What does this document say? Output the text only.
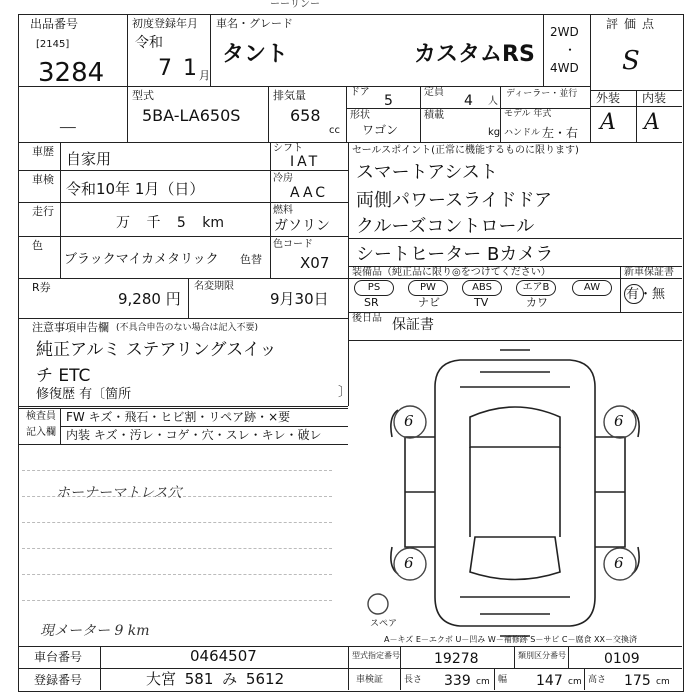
ーーリンー
出品番号
[2145]
3284
初度登録年月
令和
7 1 月
車名・グレード
タント	カスタムRS
2WD
・
4WD
評価点
S
外装 内装
A A
型式
5BA-LA650S
排気量
658
cc
ドア
5
定員
4 人
ディーラー・並行
形状
ワゴン
積載
kg
モデル 年式
ハンドル 左・右
──
車歴 自家用
車検
令和10年 1月（日）
走行
万 千 5 km
色
ブラックマイカメタリック 色替
R券
9,280 円
名変期限
9月30日
注意事項申告欄 (不具合申告のない場合は記入不要)
純正アルミ ステアリングスイッ
チ ETC
修復歴 有〔箇所	〕
シフト
IAT
冷房
AAC
燃料
ガソリン
色コード
X07
セールスポイント(正常に機能するものに限ります)
スマートアシスト
両側パワースライドドア
クルーズコントロール
シートヒーター Bカメラ
装備品（純正品に限り◎をつけてください）	新車保証書
有・無
PS	PW	ABS	エアB	AW
SR	ナビ	TV	カワ
後日品 保証書
検査員
記入欄
FW キズ・飛石・ヒビ割・リペア跡・×要
内装 キズ・汚レ・コゲ・穴・スレ・キレ・破レ
ホーナーマトレス穴
現メーター 9 km
6	6
6	6
スペア
A－キズ E－エクボ U－凹み W－補修跡 S－サビ C－腐食 XX－交換済
車台番号	0464507
登録番号	大宮 581 み 5612
型式指定番号 19278	類別区分番号	0109
車検証 長さ 339 cm 幅 147 cm 高さ 175 cm
